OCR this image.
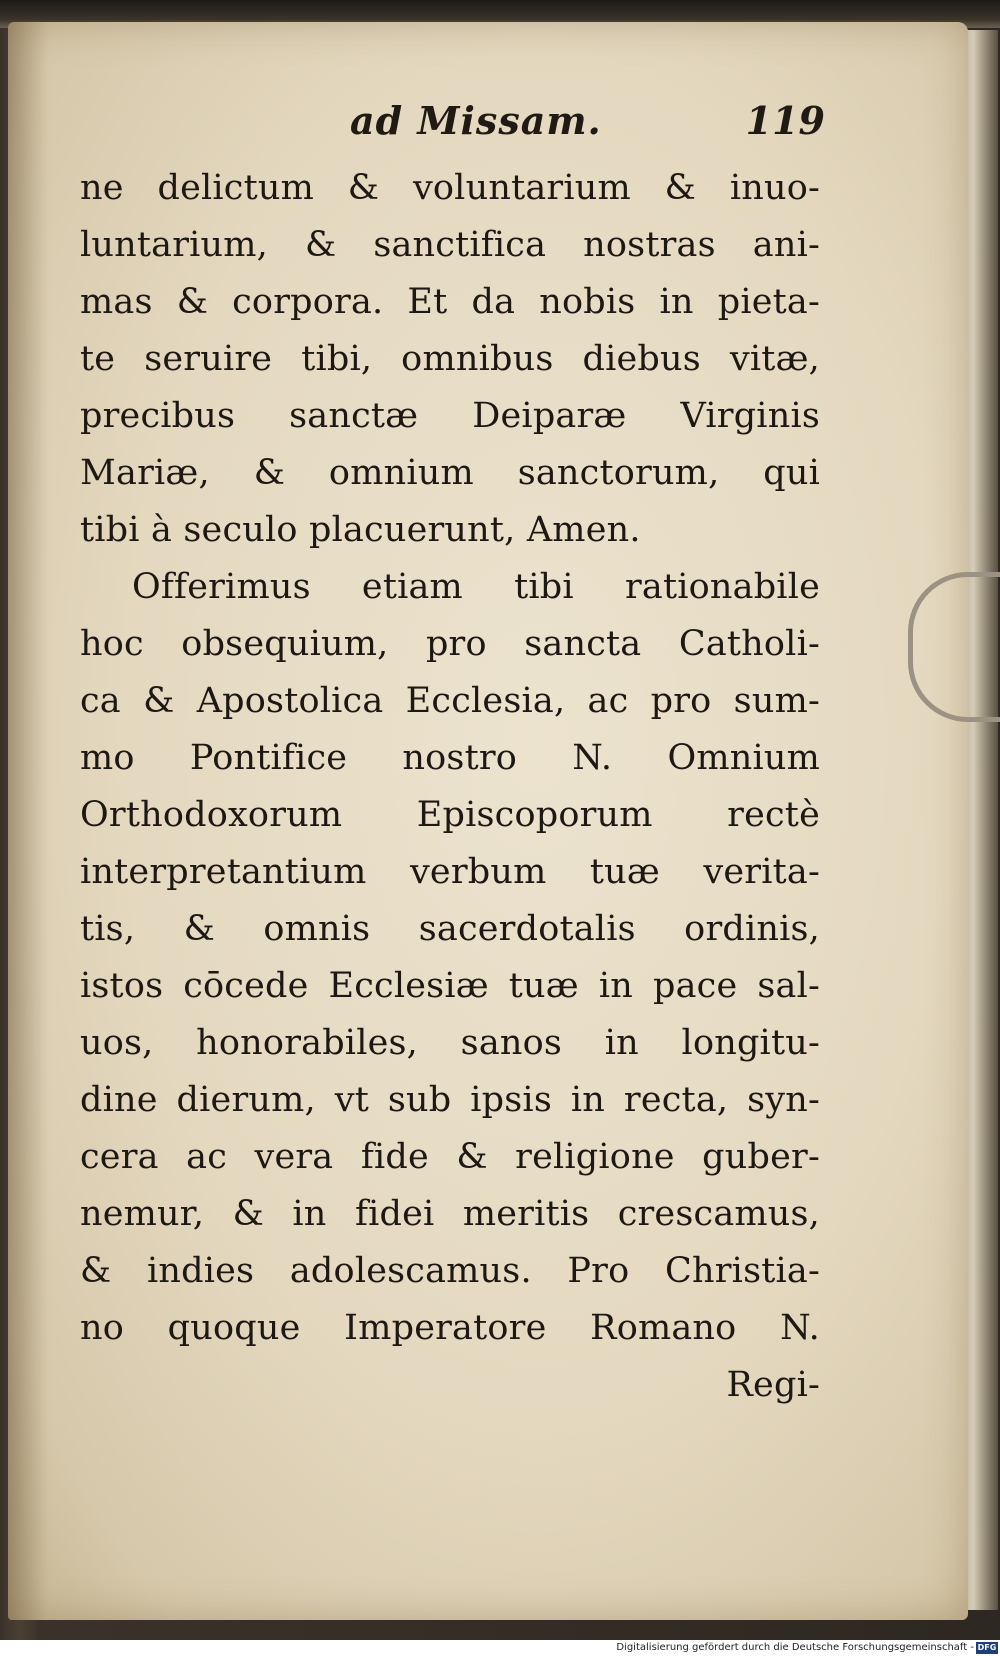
ad Missam.	119
ne delictum & voluntarium & inuo-
luntarium, & sanctifica nostras ani-
mas & corpora. Et da nobis in pieta-
te seruire tibi, omnibus diebus vitæ,
precibus sanctæ Deiparæ Virginis
Mariæ, & omnium sanctorum, qui
tibi à seculo placuerunt, Amen.
Offerimus etiam tibi rationabile
hoc obsequium, pro sancta Catholi-
ca & Apostolica Ecclesia, ac pro sum-
mo Pontifice nostro N. Omnium
Orthodoxorum Episcoporum rectè
interpretantium verbum tuæ verita-
tis, & omnis sacerdotalis ordinis,
istos cōcede Ecclesiæ tuæ in pace sal-
uos, honorabiles, sanos in longitu-
dine dierum, vt sub ipsis in recta, syn-
cera ac vera fide & religione guber-
nemur, & in fidei meritis crescamus,
& indies adolescamus. Pro Christia-
no quoque Imperatore Romano N.
Regi-
Digitalisierung gefördert durch die Deutsche Forschungsgemeinschaft - DFG
